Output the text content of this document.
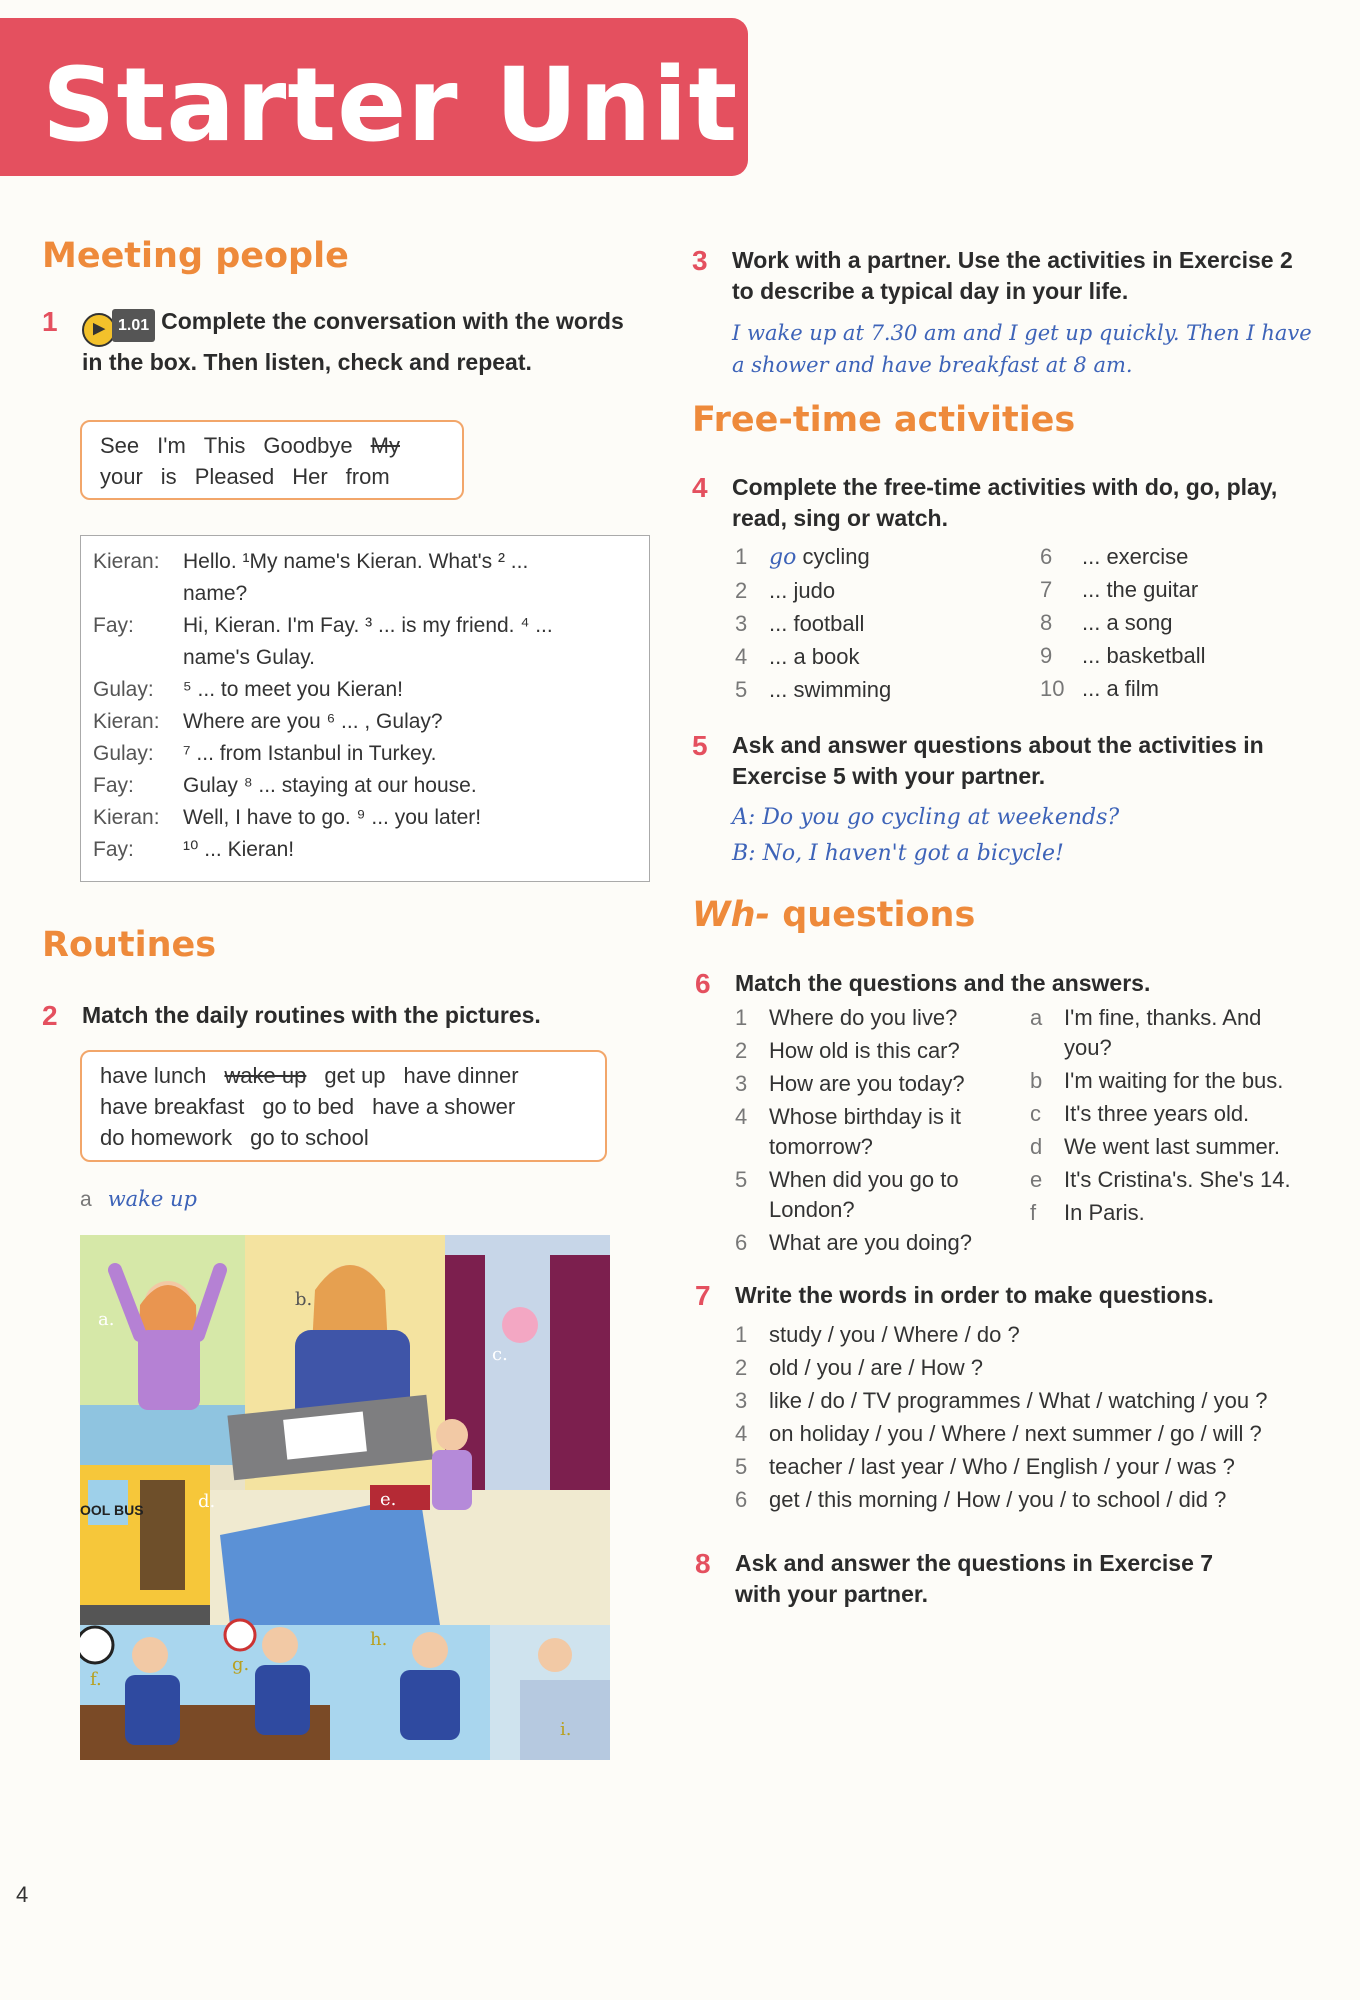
Starter Unit
Meeting people
1 ▶ 1.01 Complete the conversation with the words in the box. Then listen, check and repeat.
See I'm This Goodbye My
your is Pleased Her from
Kieran:	Hello. ¹My name's Kieran. What's ² ...
name?
Fay:	Hi, Kieran. I'm Fay. ³ ... is my friend. ⁴ ...
name's Gulay.
Gulay:	⁵ ... to meet you Kieran!
Kieran:	Where are you ⁶ ... , Gulay?
Gulay:	⁷ ... from Istanbul in Turkey.
Fay:	Gulay ⁸ ... staying at our house.
Kieran:	Well, I have to go. ⁹ ... you later!
Fay:	¹⁰ ... Kieran!
Routines
2 Match the daily routines with the pictures.
have lunch wake up get up have dinner
have breakfast go to bed have a shower
do homework go to school
a wake up
OOL BUS
a.
b.
c.
d.	e.
f.
g.
h.
i.
4
3 Work with a partner. Use the activities in Exercise 2 to describe a typical day in your life.
I wake up at 7.30 am and I get up quickly. Then I have
a shower and have breakfast at 8 am.
Free-time activities
4 Complete the free-time activities with do, go, play, read, sing or watch.
1 go cycling
2 ... judo
3 ... football
4 ... a book
5 ... swimming
6 ... exercise
7 ... the guitar
8 ... a song
9 ... basketball
10 ... a film
5 Ask and answer questions about the activities in Exercise 5 with your partner.
A: Do you go cycling at weekends?
B: No, I haven't got a bicycle!
Wh- questions
6 Match the questions and the answers.
1 Where do you live?
2 How old is this car?
3 How are you today?
4 Whose birthday is it
tomorrow?
5 When did you go to
London?
6 What are you doing?
a I'm fine, thanks. And
you?
b I'm waiting for the bus.
c	It's three years old.
d We went last summer.
e It's Cristina's. She's 14.
f	In Paris.
7 Write the words in order to make questions.
1 study / you / Where / do ?
2 old / you / are / How ?
3 like / do / TV programmes / What / watching / you ?
4 on holiday / you / Where / next summer / go / will ?
5 teacher / last year / Who / English / your / was ?
6 get / this morning / How / you / to school / did ?
8 Ask and answer the questions in Exercise 7 with your partner.
